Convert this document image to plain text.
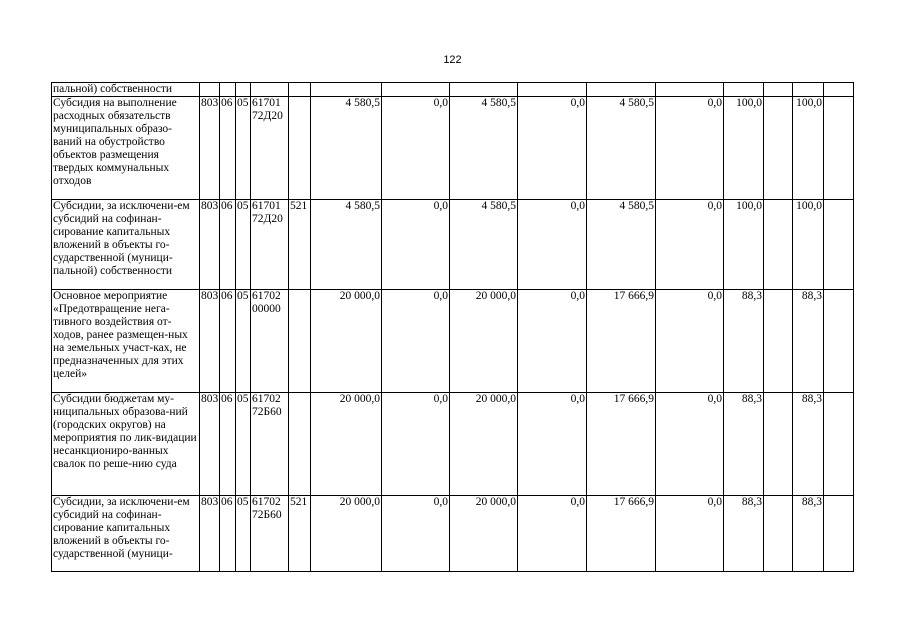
122
пальной) собственности															
Субсидия на выполнение расходных обязательств муниципальных образо-ваний на обустройство объектов размещения твердых коммунальных отходов	803	06	05	61701 72Д20		4 580,5	0,0	4 580,5	0,0	4 580,5	0,0	100,0		100,0	
Субсидии, за исключени-ем субсидий на софинан-сирование капитальных вложений в объекты го-сударственной (муници-пальной) собственности	803	06	05	61701 72Д20	521	4 580,5	0,0	4 580,5	0,0	4 580,5	0,0	100,0		100,0	
Основное мероприятие «Предотвращение нега-тивного воздействия от-ходов, ранее размещен-ных на земельных участ-ках, не предназначенных для этих целей»	803	06	05	61702 00000		20 000,0	0,0	20 000,0	0,0	17 666,9	0,0	88,3		88,3	
Субсидии бюджетам му-ниципальных образова-ний (городских округов) на мероприятия по лик-видации несанкциониро-ванных свалок по реше-нию суда	803	06	05	61702 72Б60		20 000,0	0,0	20 000,0	0,0	17 666,9	0,0	88,3		88,3	
Субсидии, за исключени-ем субсидий на софинан-сирование капитальных вложений в объекты го-сударственной (муници-	803	06	05	61702 72Б60	521	20 000,0	0,0	20 000,0	0,0	17 666,9	0,0	88,3		88,3	
